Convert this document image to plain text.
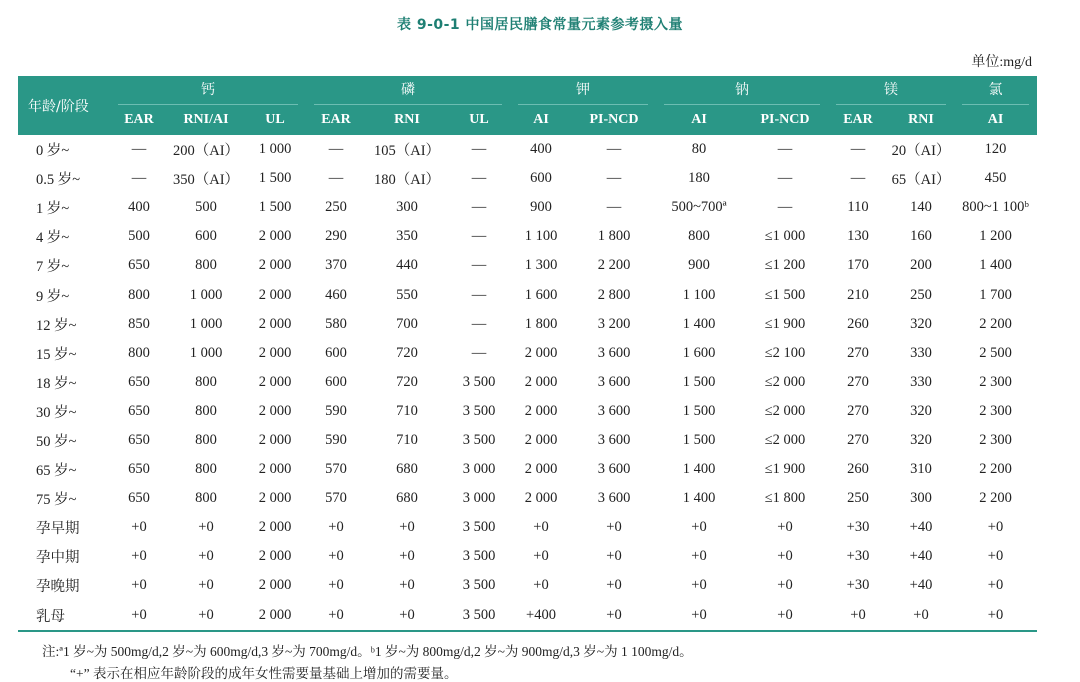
表 9-0-1 中国居民膳食常量元素参考摄入量
单位:mg/d
年龄/阶段	钙			磷			钾		钠		镁		氯

	EAR	RNI/AI	UL	EAR	RNI	UL	AI	PI-NCD	AI	PI-NCD	EAR	RNI	AI
0 岁~	—	200（AI）	1 000	—	105（AI）	—	400	—	80	—	—	20（AI）	120
0.5 岁~	—	350（AI）	1 500	—	180（AI）	—	600	—	180	—	—	65（AI）	450
1 岁~	400	500	1 500	250	300	—	900	—	500~700ª	—	110	140	800~1 100ᵇ
4 岁~	500	600	2 000	290	350	—	1 100	1 800	800	≤1 000	130	160	1 200
7 岁~	650	800	2 000	370	440	—	1 300	2 200	900	≤1 200	170	200	1 400
9 岁~	800	1 000	2 000	460	550	—	1 600	2 800	1 100	≤1 500	210	250	1 700
12 岁~	850	1 000	2 000	580	700	—	1 800	3 200	1 400	≤1 900	260	320	2 200
15 岁~	800	1 000	2 000	600	720	—	2 000	3 600	1 600	≤2 100	270	330	2 500
18 岁~	650	800	2 000	600	720	3 500	2 000	3 600	1 500	≤2 000	270	330	2 300
30 岁~	650	800	2 000	590	710	3 500	2 000	3 600	1 500	≤2 000	270	320	2 300
50 岁~	650	800	2 000	590	710	3 500	2 000	3 600	1 500	≤2 000	270	320	2 300
65 岁~	650	800	2 000	570	680	3 000	2 000	3 600	1 400	≤1 900	260	310	2 200
75 岁~	650	800	2 000	570	680	3 000	2 000	3 600	1 400	≤1 800	250	300	2 200
孕早期	+0	+0	2 000	+0	+0	3 500	+0	+0	+0	+0	+30	+40	+0
孕中期	+0	+0	2 000	+0	+0	3 500	+0	+0	+0	+0	+30	+40	+0
孕晚期	+0	+0	2 000	+0	+0	3 500	+0	+0	+0	+0	+30	+40	+0
乳母	+0	+0	2 000	+0	+0	3 500	+400	+0	+0	+0	+0	+0	+0
注:ª1 岁~为 500mg/d,2 岁~为 600mg/d,3 岁~为 700mg/d。ᵇ1 岁~为 800mg/d,2 岁~为 900mg/d,3 岁~为 1 100mg/d。
“+” 表示在相应年龄阶段的成年女性需要量基础上增加的需要量。
